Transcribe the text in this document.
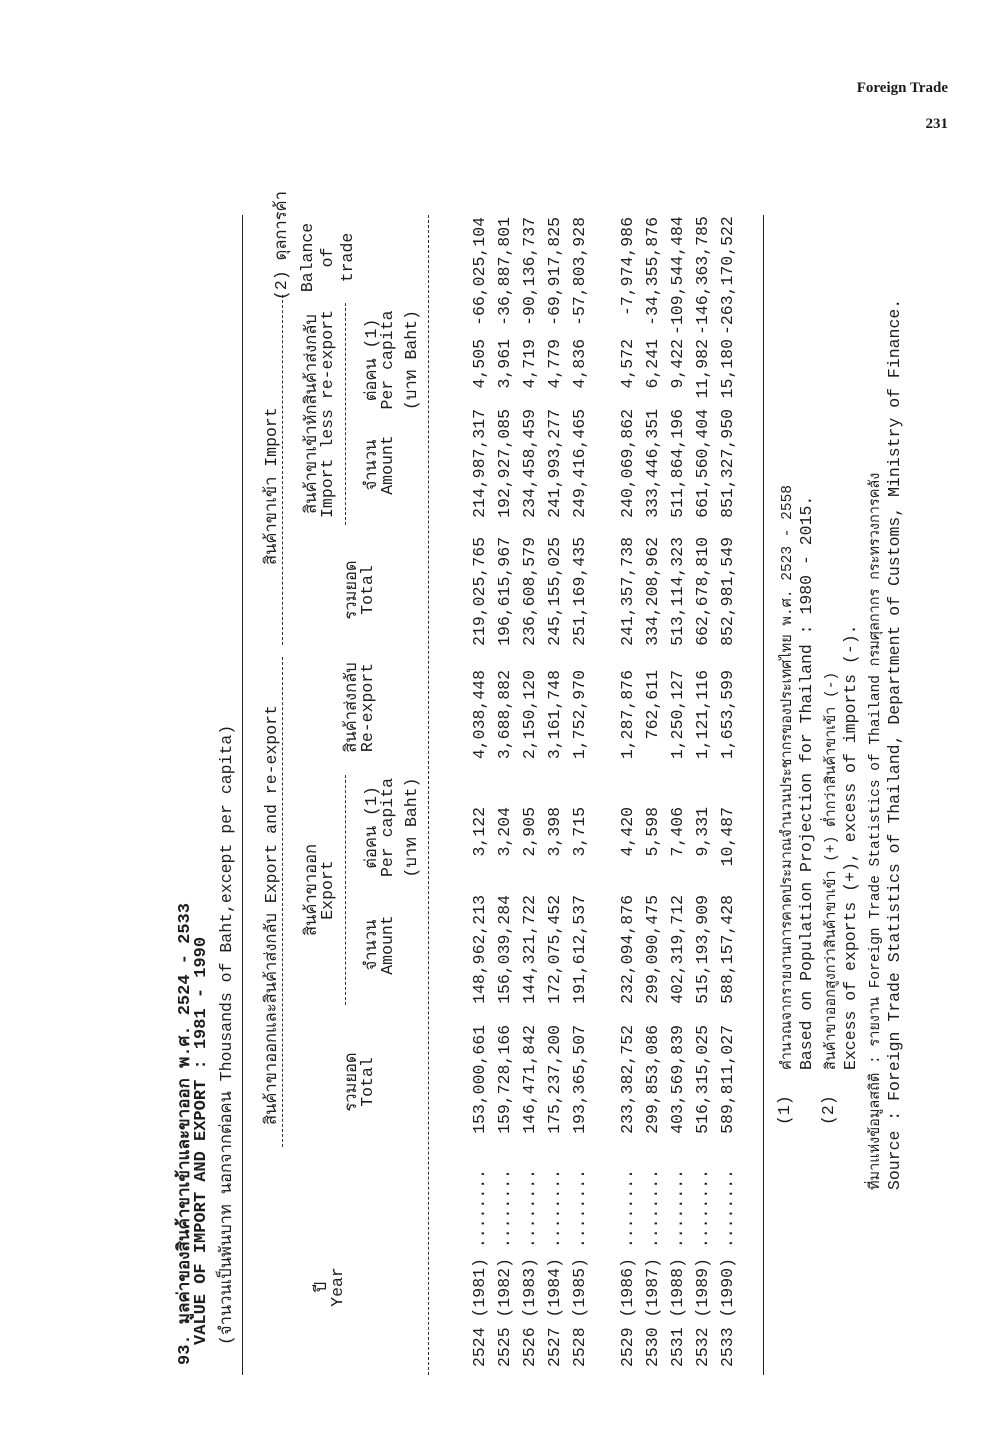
Foreign Trade
231
93. มูลค่าของสินค้าขาเข้าและขาออก พ.ศ. 2524 - 2533
VALUE OF IMPORT AND EXPORT : 1981 - 1990 (จำนวนเป็นพันบาท นอกจากต่อคน Thousands of Baht,except per capita)	ปี
Year
สินค้าขาออกและสินค้าส่งกลับ Export and re-export	รวมยอด
Total
สินค้าขาออก
Export
จำนวน
Amount
ต่อคน (1)
Per capita (บาท Baht)
สินค้าส่งกลับ
Re-export
สินค้าขาเข้า Import
รวมยอด
Total
สินค้าขาเข้าหักสินค้าส่งกลับ
Import less re-export จำนวน
Amount
ต่อคน (1)
Per capita (บาท Baht)
(2) ดุลการค้า Balance of trade
2524 (1981) ........
153,000,661
148,962,213
3,122
4,038,448
219,025,765
214,987,317
4,505
-66,025,104
2525 (1982) ........
159,728,166
156,039,284
3,204
3,688,882
196,615,967
192,927,085
3,961
-36,887,801
2526 (1983) ........
146,471,842
144,321,722
2,905
2,150,120
236,608,579
234,458,459
4,719
-90,136,737
2527 (1984) ........
175,237,200
172,075,452
3,398
3,161,748
245,155,025
241,993,277
4,779
-69,917,825
2528 (1985) ........
193,365,507
191,612,537
3,715
1,752,970
251,169,435
249,416,465
4,836
-57,803,928
2529 (1986) ........
233,382,752
232,094,876
4,420
1,287,876
241,357,738
240,069,862
4,572
-7,974,986
2530 (1987) ........
299,853,086
299,090,475
5,598
762,611
334,208,962
333,446,351
6,241
-34,355,876
2531 (1988) ........
403,569,839
402,319,712
7,406
1,250,127
513,114,323
511,864,196
9,422
-109,544,484
2532 (1989) ........
516,315,025
515,193,909
9,331
1,121,116
662,678,810
661,560,404
11,982
-146,363,785
2533 (1990) ........
589,811,027
588,157,428
10,487
1,653,599
852,981,549
851,327,950
15,180
-263,170,522
(1)
คำนวณจากรายงานการคาดประมาณจำนวนประชากรของประเทศไทย พ.ศ. 2523 - 2558 Based on Population Projection for Thailand : 1980 - 2015.
(2)
สินค้าขาออกสูงกว่าสินค้าขาเข้า (+) ต่ำกว่าสินค้าขาเข้า (-) Excess of exports (+), excess of imports (-). ที่มาแห่งข้อมูลสถิติ : รายงาน Foreign Trade Statistics of Thailand กรมศุลกากร กระทรวงการคลัง Source : Foreign Trade Statistics of Thailand, Department of Customs, Ministry of Finance.
